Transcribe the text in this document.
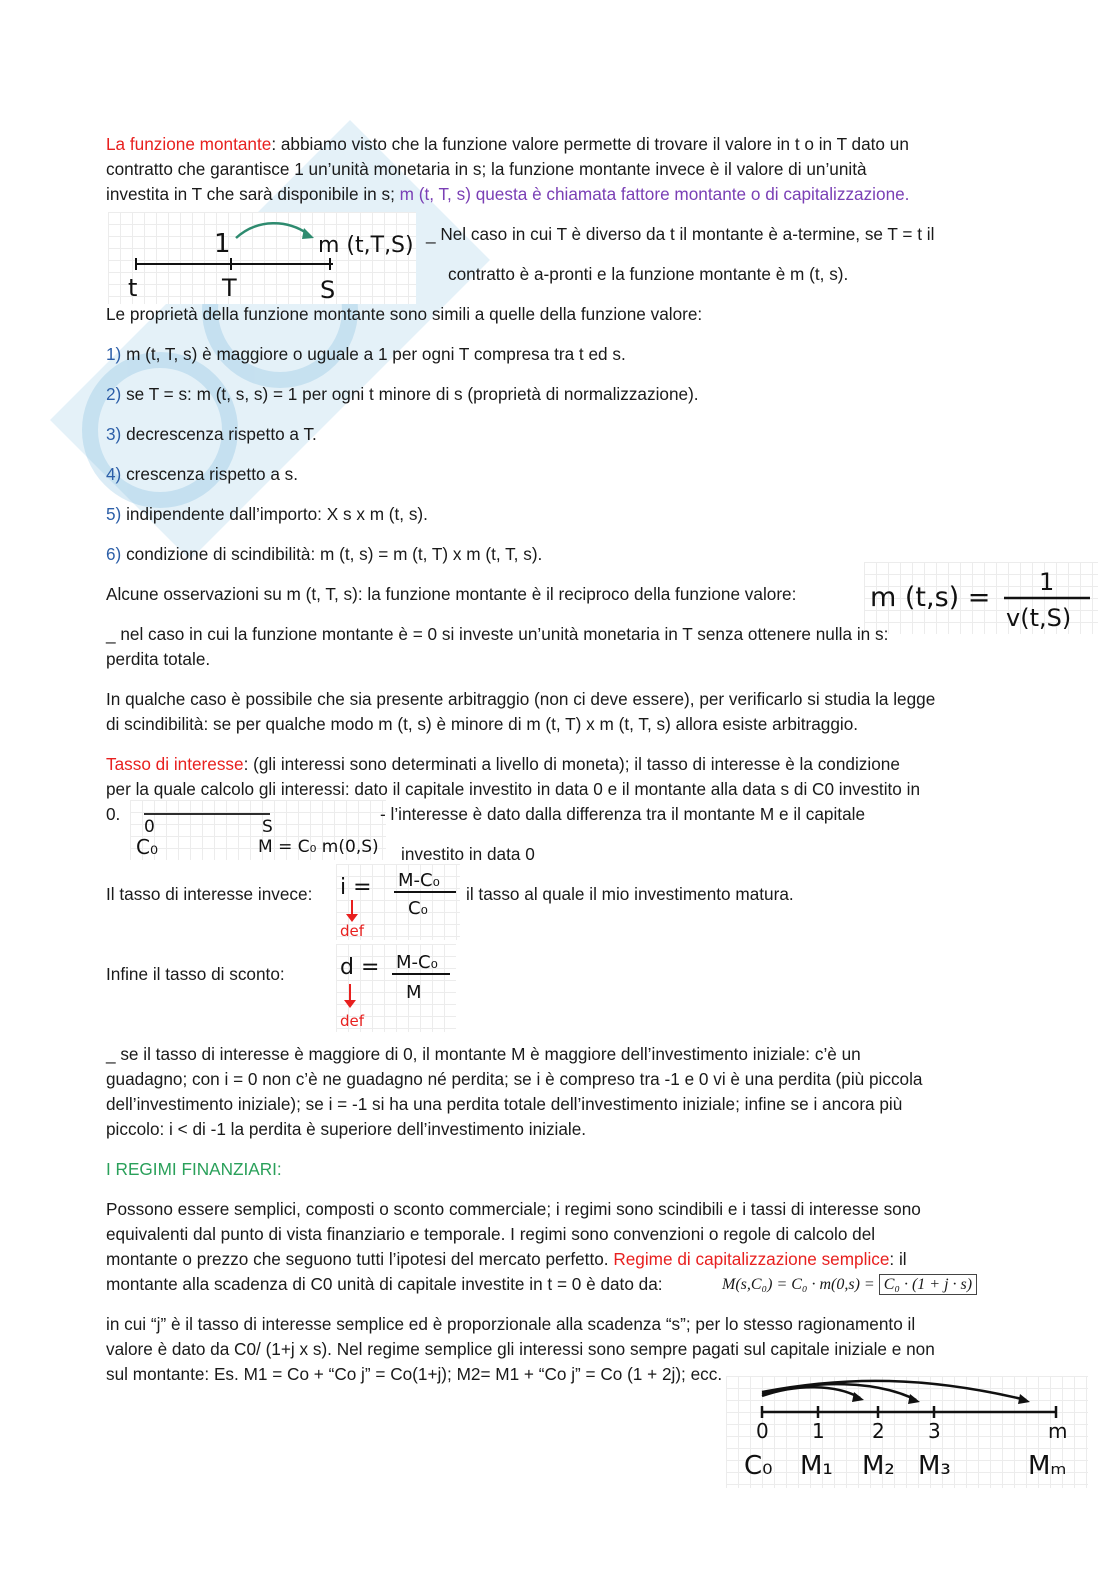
La funzione montante: abbiamo visto che la funzione valore permette di trovare il valore in t o in T dato un
contratto che garantisce 1 un’unità monetaria in s; la funzione montante invece è il valore di un’unità
investita in T che sarà disponibile in s; m (t, T, s) questa è chiamata fattore montante o di capitalizzazione.
1	m (t,T,S)
t	T	S
_ Nel caso in cui T è diverso da t il montante è a-termine, se T = t il
contratto è a-pronti e la funzione montante è m (t, s).
Le proprietà della funzione montante sono simili a quelle della funzione valore:
1) m (t, T, s) è maggiore o uguale a 1 per ogni T compresa tra t ed s.
2) se T = s: m (t, s, s) = 1 per ogni t minore di s (proprietà di normalizzazione).
3) decrescenza rispetto a T.
4) crescenza rispetto a s.
5) indipendente dall’importo: X s x m (t, s).
6) condizione di scindibilità: m (t, s) = m (t, T) x m (t, T, s).
Alcune osservazioni su m (t, T, s): la funzione montante è il reciproco della funzione valore:	m (t,s) = 1
v(t,S)
_ nel caso in cui la funzione montante è = 0 si investe un’unità monetaria in T senza ottenere nulla in s:
perdita totale.
In qualche caso è possibile che sia presente arbitraggio (non ci deve essere), per verificarlo si studia la legge
di scindibilità: se per qualche modo m (t, s) è minore di m (t, T) x m (t, T, s) allora esiste arbitraggio.
Tasso di interesse: (gli interessi sono determinati a livello di moneta); il tasso di interesse è la condizione
per la quale calcolo gli interessi: dato il capitale investito in data 0 e il montante alla data s di C0 investito in
0.
0	S
C₀	M = C₀ m(0,S)
- l’interesse è dato dalla differenza tra il montante M e il capitale
investito in data 0
Il tasso di interesse invece: i = M-C₀
C₀
def
il tasso al quale il mio investimento matura.
Infine il tasso di sconto:	d = M-C₀
M
def
_ se il tasso di interesse è maggiore di 0, il montante M è maggiore dell’investimento iniziale: c’è un
guadagno; con i = 0 non c’è ne guadagno né perdita; se i è compreso tra -1 e 0 vi è una perdita (più piccola
dell’investimento iniziale); se i = -1 si ha una perdita totale dell’investimento iniziale; infine se i ancora più
piccolo: i < di -1 la perdita è superiore dell’investimento iniziale.
I REGIMI FINANZIARI:
Possono essere semplici, composti o sconto commerciale; i regimi sono scindibili e i tassi di interesse sono
equivalenti dal punto di vista finanziario e temporale. I regimi sono convenzioni o regole di calcolo del
montante o prezzo che seguono tutti l’ipotesi del mercato perfetto. Regime di capitalizzazione semplice: il
montante alla scadenza di C0 unità di capitale investite in t = 0 è dato da:	M(s,C₀) = C₀ · m(0,s) = C₀ · (1 + j · s)
in cui “j” è il tasso di interesse semplice ed è proporzionale alla scadenza “s”; per lo stesso ragionamento il
valore è dato da C0/ (1+j x s). Nel regime semplice gli interessi sono sempre pagati sul capitale iniziale e non
sul montante: Es. M1 = Co + “Co j” = Co(1+j); M2= M1 + “Co j” = Co (1 + 2j); ecc.
0 1 2 3	m
C₀ M₁ M₂ M₃	Mₘ
